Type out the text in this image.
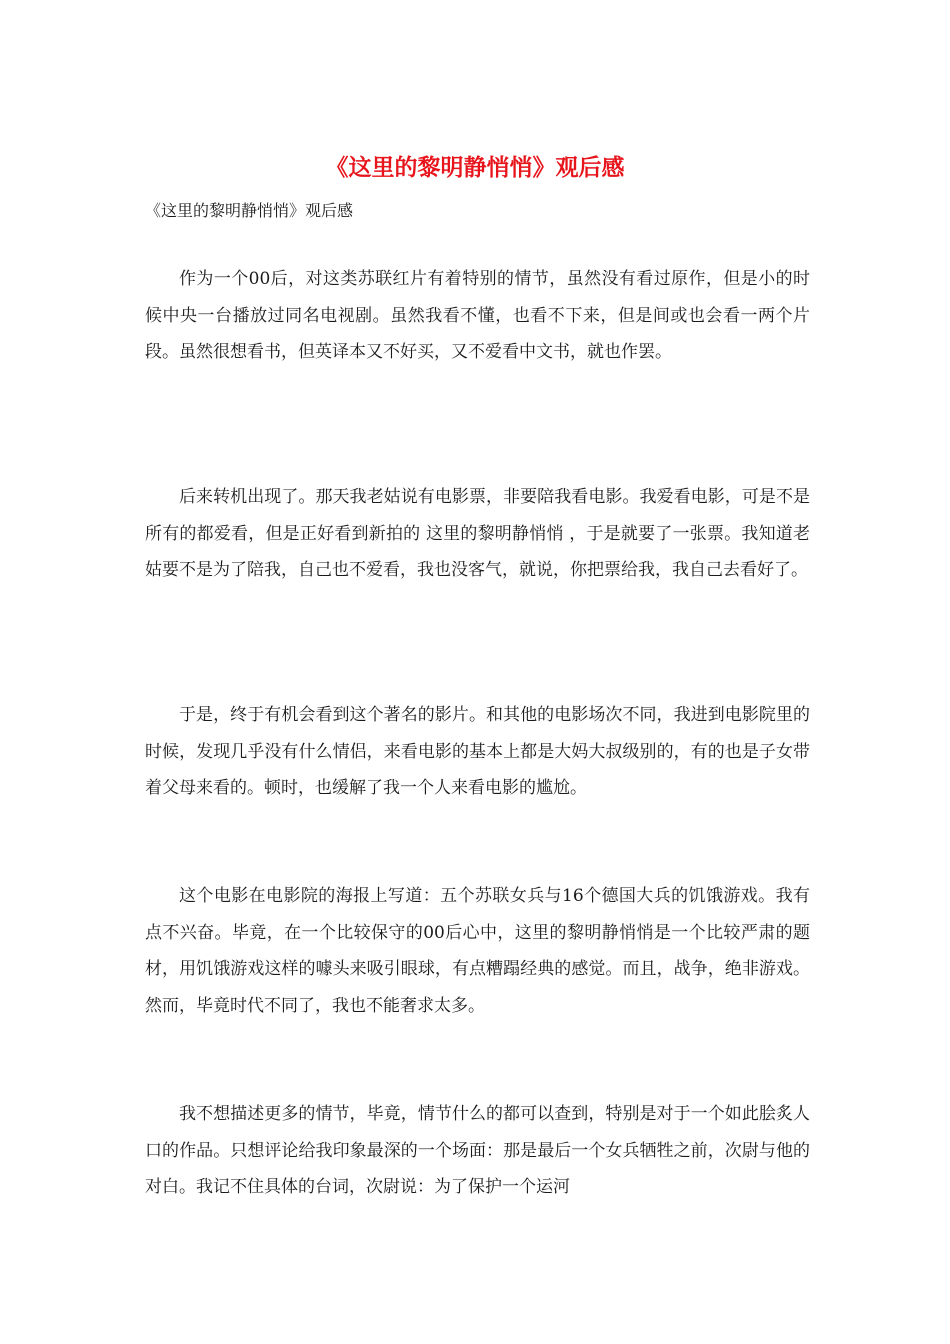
《这里的黎明静悄悄》观后感

《这里的黎明静悄悄》观后感

作为一个00后，对这类苏联红片有着特别的情节，虽然没有看过原作，但是小的时候中央一台播放过同名电视剧。虽然我看不懂，也看不下来，但是间或也会看一两个片段。虽然很想看书，但英译本又不好买，又不爱看中文书，就也作罢。

后来转机出现了。那天我老姑说有电影票，非要陪我看电影。我爱看电影，可是不是所有的都爱看，但是正好看到新拍的 这里的黎明静悄悄 ，于是就要了一张票。我知道老姑要不是为了陪我，自己也不爱看，我也没客气，就说，你把票给我，我自己去看好了。

于是，终于有机会看到这个著名的影片。和其他的电影场次不同，我进到电影院里的时候，发现几乎没有什么情侣，来看电影的基本上都是大妈大叔级别的，有的也是子女带着父母来看的。顿时，也缓解了我一个人来看电影的尴尬。

这个电影在电影院的海报上写道：五个苏联女兵与16个德国大兵的饥饿游戏。我有点不兴奋。毕竟，在一个比较保守的00后心中，这里的黎明静悄悄是一个比较严肃的题材，用饥饿游戏这样的噱头来吸引眼球，有点糟蹋经典的感觉。而且，战争，绝非游戏。然而，毕竟时代不同了，我也不能奢求太多。

我不想描述更多的情节，毕竟，情节什么的都可以查到，特别是对于一个如此脍炙人口的作品。只想评论给我印象最深的一个场面：那是最后一个女兵牺牲之前，次尉与他的对白。我记不住具体的台词，次尉说：为了保护一个运河
